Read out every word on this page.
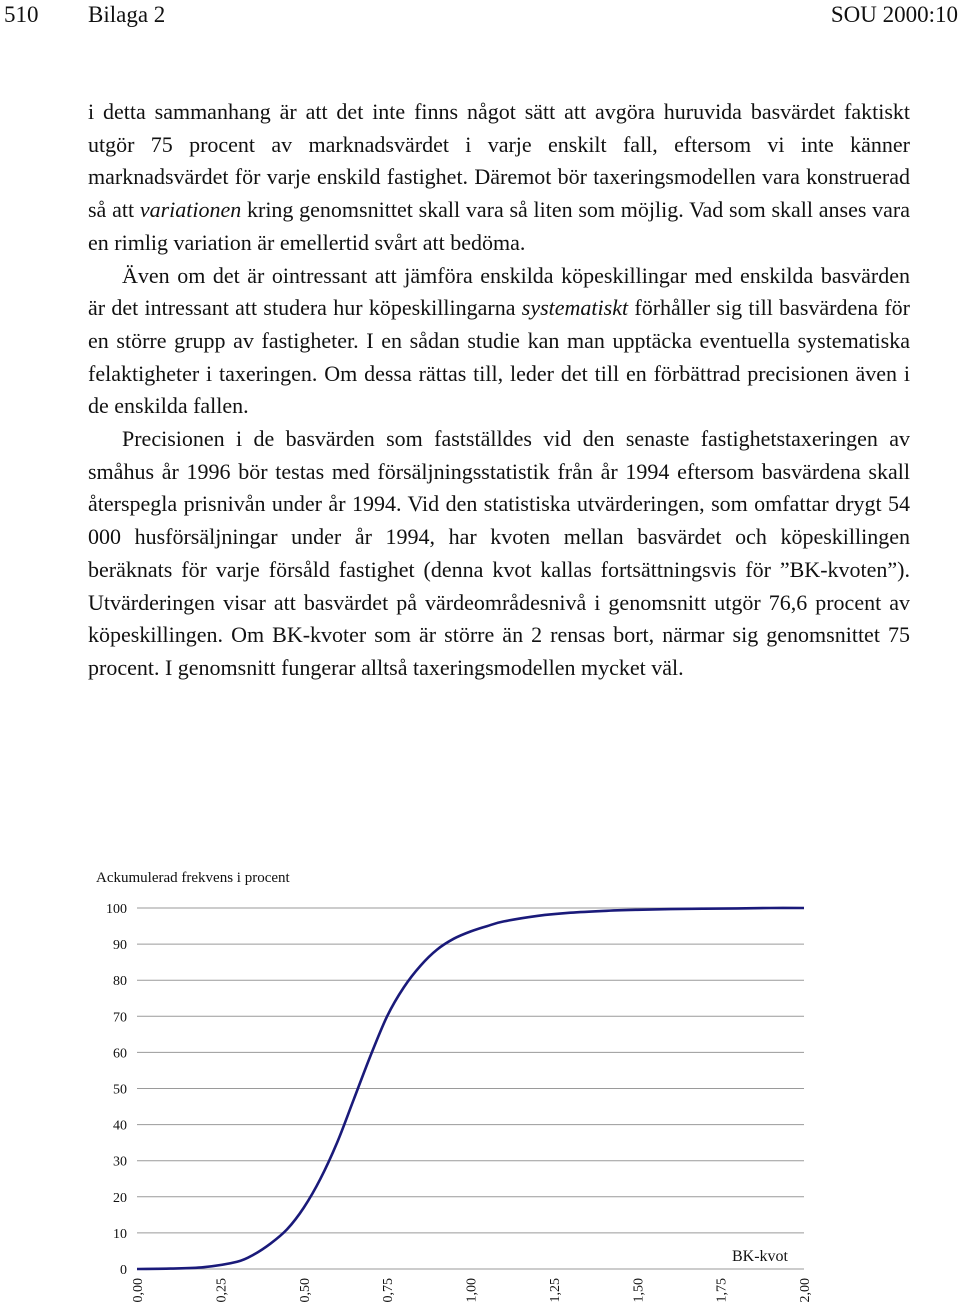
510 Bilaga 2	SOU 2000:10

i detta sammanhang är att det inte finns något sätt att avgöra huruvida basvärdet faktiskt utgör 75 procent av marknadsvärdet i varje enskilt fall, eftersom vi inte känner marknadsvärdet för varje enskild fastighet. Däremot bör taxeringsmodellen vara konstruerad så att variationen kring genomsnittet skall vara så liten som möjlig. Vad som skall anses vara en rimlig variation är emellertid svårt att bedöma.

Även om det är ointressant att jämföra enskilda köpeskillingar med enskilda basvärden är det intressant att studera hur köpeskillingarna systematiskt förhåller sig till basvärdena för en större grupp av fastigheter. I en sådan studie kan man upptäcka eventuella systematiska felaktigheter i taxeringen. Om dessa rättas till, leder det till en förbättrad precisionen även i de enskilda fallen.

Precisionen i de basvärden som fastställdes vid den senaste fastighetstaxeringen av småhus år 1996 bör testas med försäljningsstatistik från år 1994 eftersom basvärdena skall återspegla prisnivån under år 1994. Vid den statistiska utvärderingen, som omfattar drygt 54 000 husförsäljningar under år 1994, har kvoten mellan basvärdet och köpeskillingen beräknats för varje försåld fastighet (denna kvot kallas fortsättningsvis för ”BK-kvoten”). Utvärderingen visar att basvärdet på värdeområdesnivå i genomsnitt utgör 76,6 procent av köpeskillingen. Om BK-kvoter som är större än 2 rensas bort, närmar sig genomsnittet 75 procent. I genomsnitt fungerar alltså taxeringsmodellen mycket väl.

Ackumulerad frekvens i procent
BK-kvot
0
10
20
30
40
50
60
70
80
90
100
0,00	0,25	0,50	0,75	1,00	1,25	1,50	1,75	2,00
